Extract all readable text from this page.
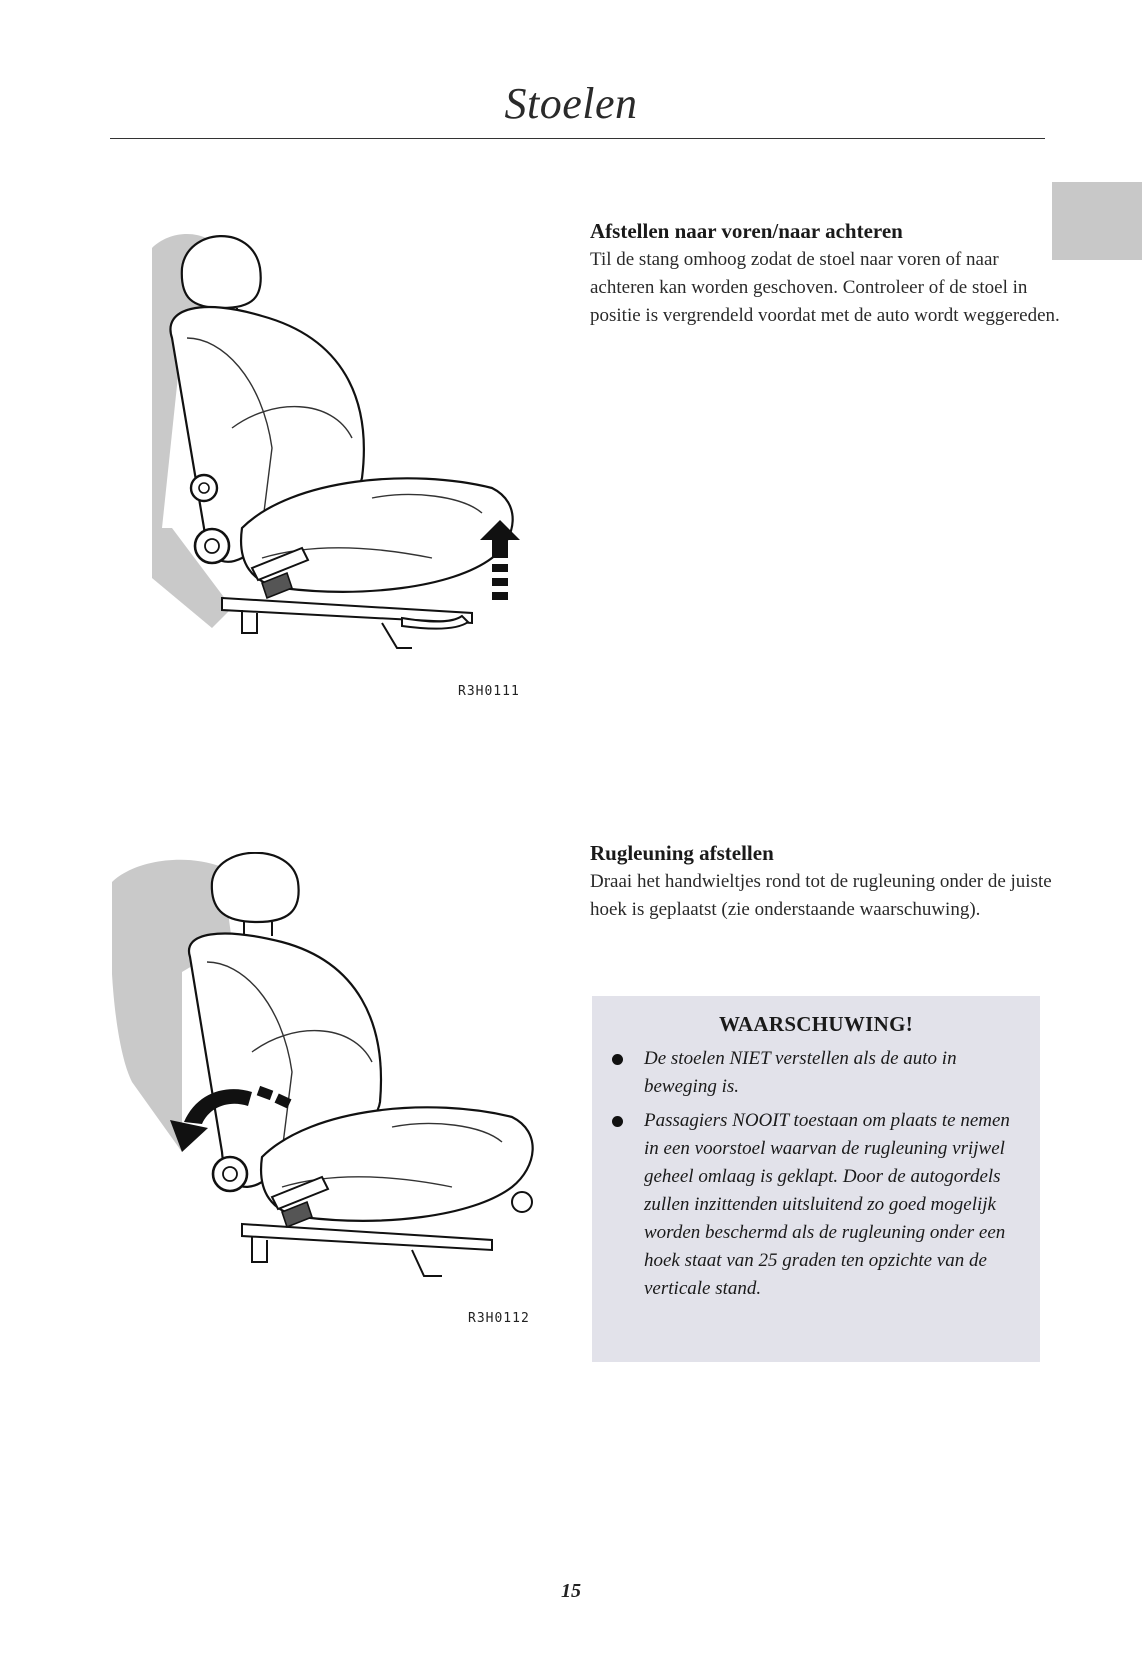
Stoelen
R3H0111
Afstellen naar voren/naar achteren

Til de stang omhoog zodat de stoel naar voren of naar achteren kan worden geschoven. Controleer of de stoel in positie is vergrendeld voordat met de auto wordt weggereden.

R3H0112
Rugleuning afstellen

Draai het handwieltjes rond tot de rugleuning onder de juiste hoek is geplaatst (zie onderstaande waarschuwing).

WAARSCHUWING!
De stoelen NIET verstellen als de auto in beweging is.
Passagiers NOOIT toestaan om plaats te nemen in een voorstoel waarvan de rugleuning vrijwel geheel omlaag is geklapt. Door de autogordels zullen inzittenden uitsluitend zo goed mogelijk worden beschermd als de rugleuning onder een hoek staat van 25 graden ten opzichte van de verticale stand.
15
